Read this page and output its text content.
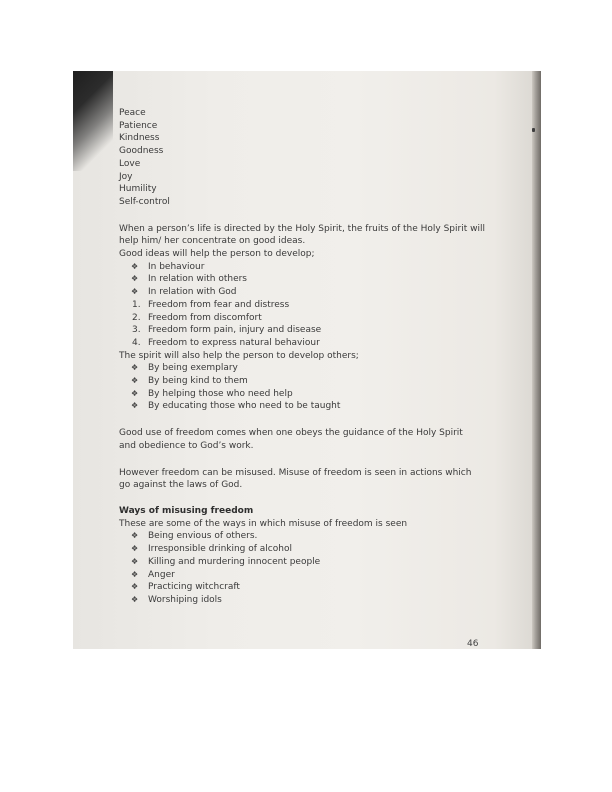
Peace
Patience
Kindness
Goodness
Love
Joy
Humility
Self-control
When a person’s life is directed by the Holy Spirit, the fruits of the Holy Spirit will
help him/ her concentrate on good ideas.
Good ideas will help the person to develop;
❖ In behaviour
❖ In relation with others
❖ In relation with God
1. Freedom from fear and distress
2. Freedom from discomfort
3. Freedom form pain, injury and disease
4. Freedom to express natural behaviour
The spirit will also help the person to develop others;
❖ By being exemplary
❖ By being kind to them
❖ By helping those who need help
❖ By educating those who need to be taught
Good use of freedom comes when one obeys the guidance of the Holy Spirit
and obedience to God’s work.
However freedom can be misused. Misuse of freedom is seen in actions which
go against the laws of God.
Ways of misusing freedom
These are some of the ways in which misuse of freedom is seen
❖ Being envious of others.
❖ Irresponsible drinking of alcohol
❖ Killing and murdering innocent people
❖ Anger
❖ Practicing witchcraft
❖ Worshiping idols
46
